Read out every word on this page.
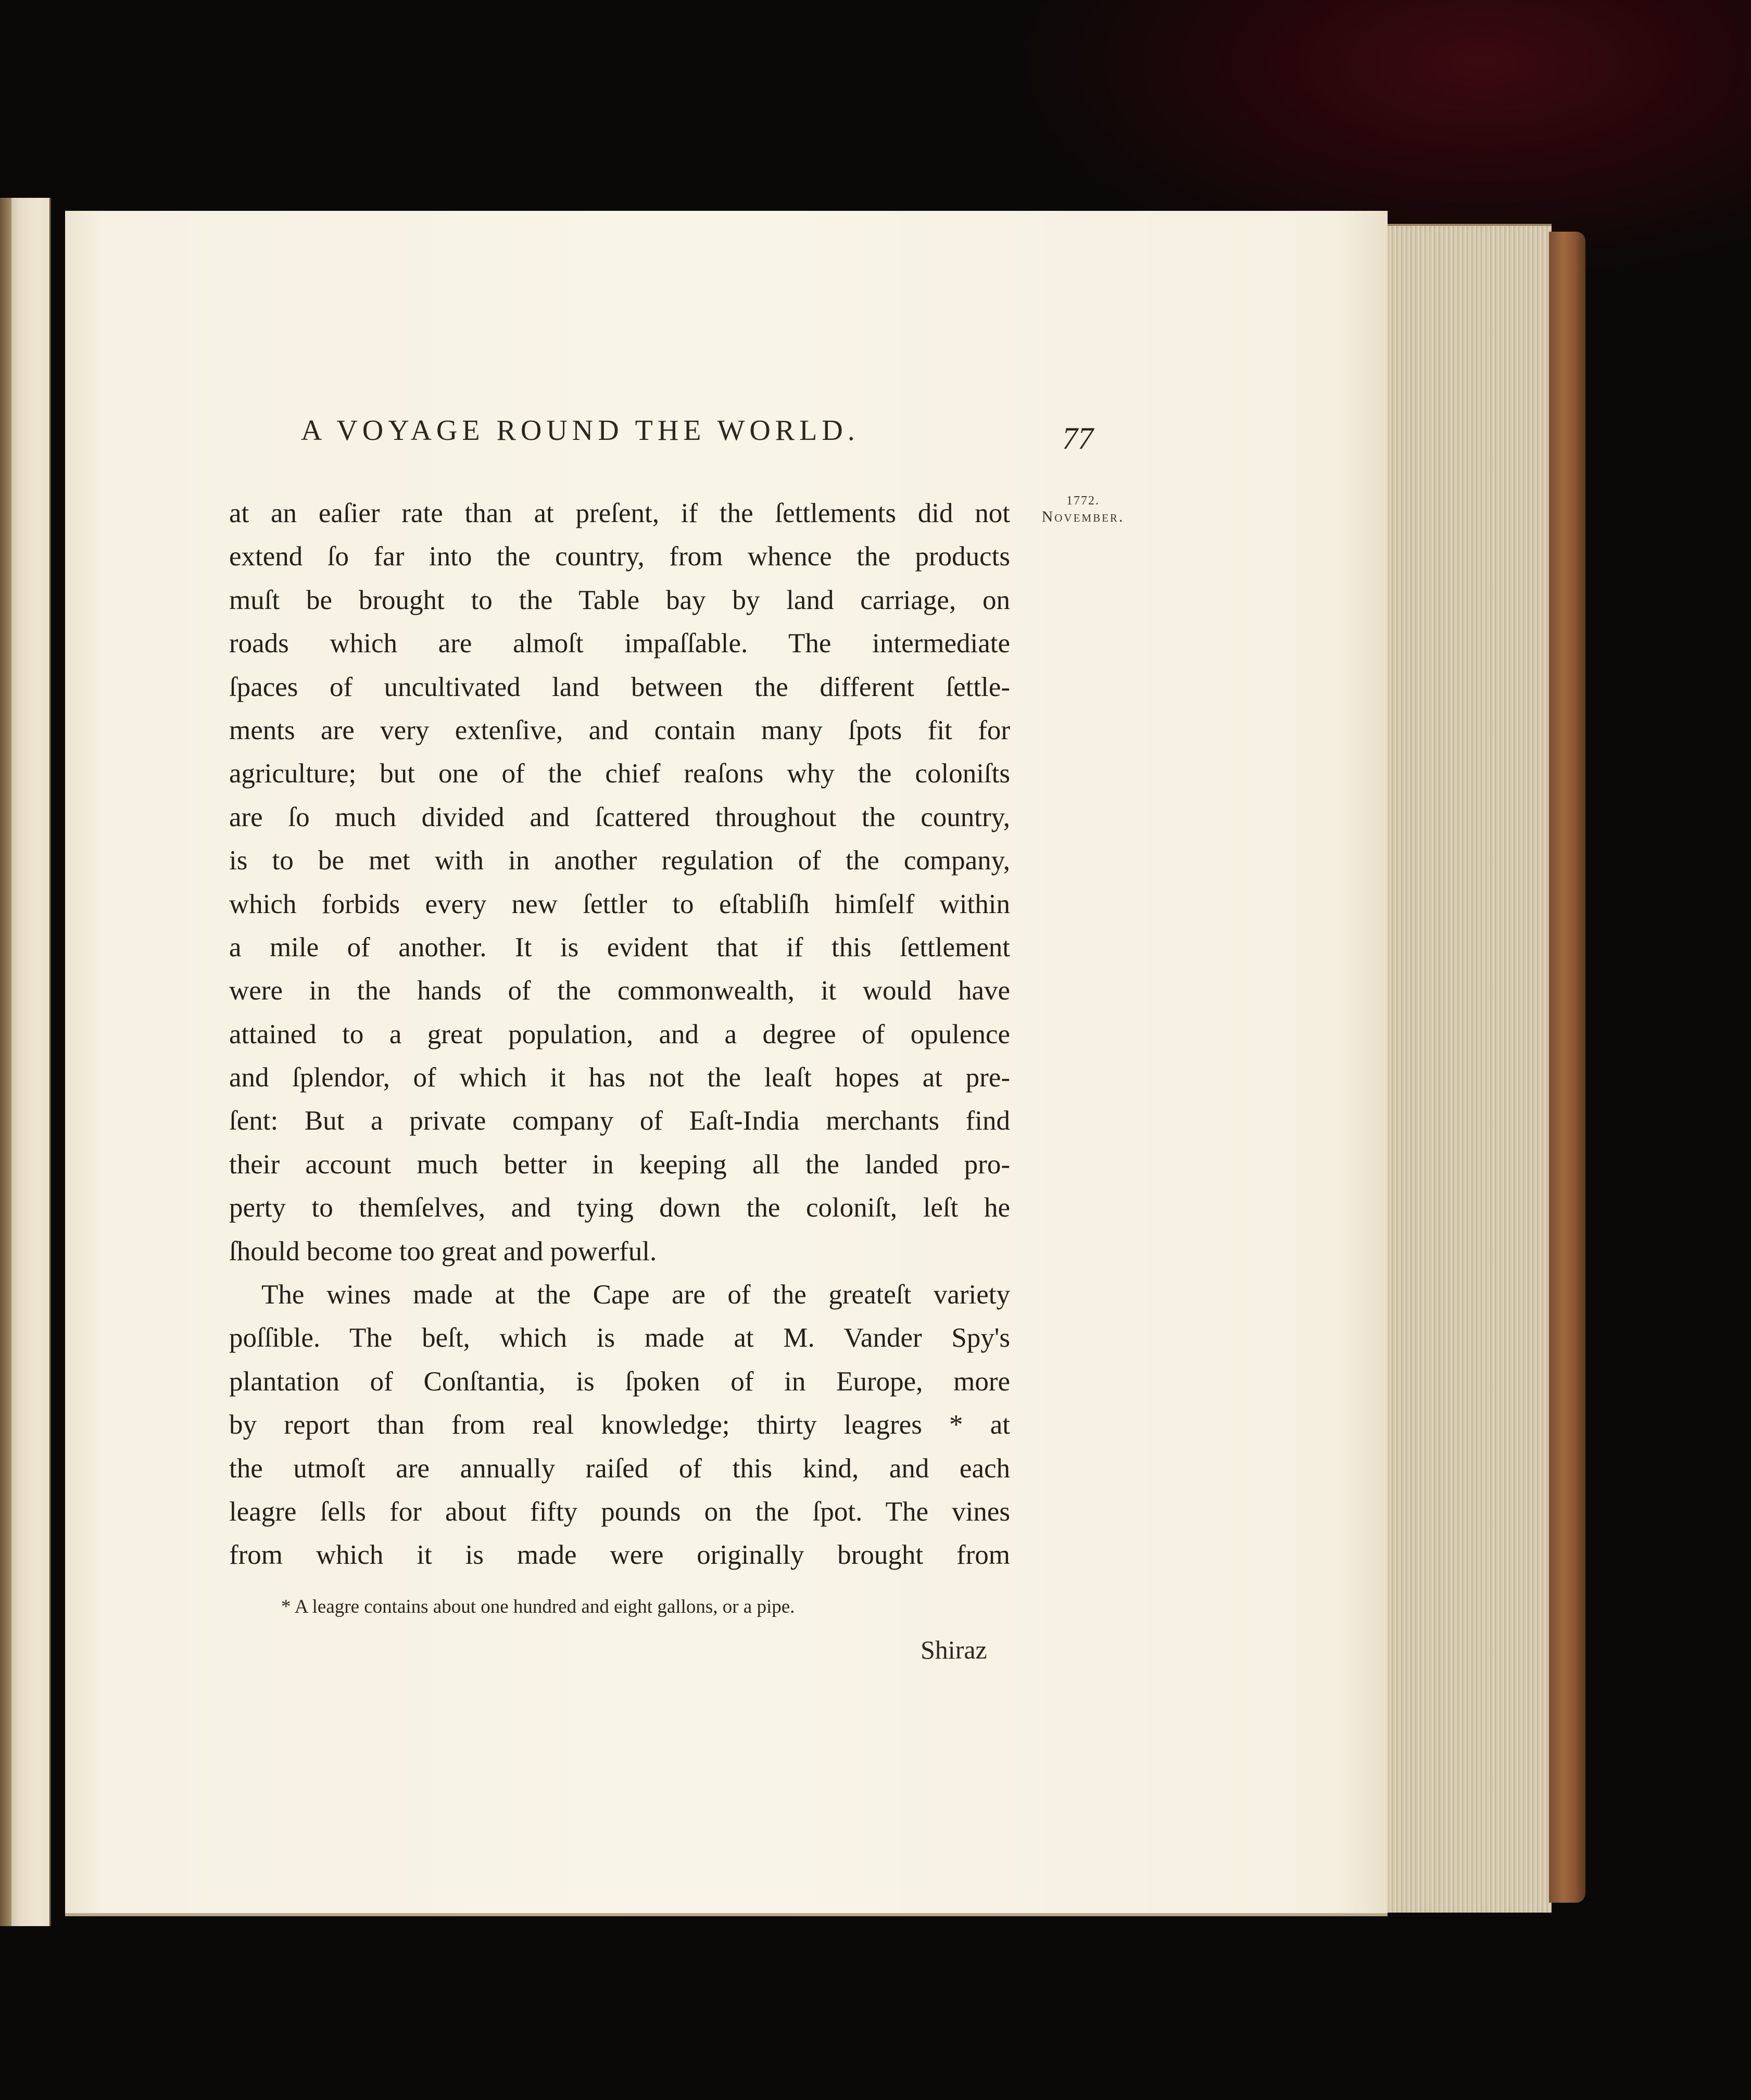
A VOYAGE ROUND THE WORLD.	77
1772.
November.
at an eaſier rate than at preſent, if the ſettlements did not
extend ſo far into the country, from whence the products
muſt be brought to the Table bay by land carriage, on
roads which are almoſt impaſſable. The intermediate
ſpaces of uncultivated land between the different ſettle-
ments are very extenſive, and contain many ſpots fit for
agriculture; but one of the chief reaſons why the coloniſts
are ſo much divided and ſcattered throughout the country,
is to be met with in another regulation of the company,
which forbids every new ſettler to eſtabliſh himſelf within
a mile of another. It is evident that if this ſettlement
were in the hands of the commonwealth, it would have
attained to a great population, and a degree of opulence
and ſplendor, of which it has not the leaſt hopes at pre-
ſent: But a private company of Eaſt-India merchants find
their account much better in keeping all the landed pro-
perty to themſelves, and tying down the coloniſt, leſt he
ſhould become too great and powerful.
The wines made at the Cape are of the greateſt variety
poſſible. The beſt, which is made at M. Vander Spy's
plantation of Conſtantia, is ſpoken of in Europe, more
by report than from real knowledge; thirty leagres * at
the utmoſt are annually raiſed of this kind, and each
leagre ſells for about fifty pounds on the ſpot. The vines
from which it is made were originally brought from
* A leagre contains about one hundred and eight gallons, or a pipe.
Shiraz
